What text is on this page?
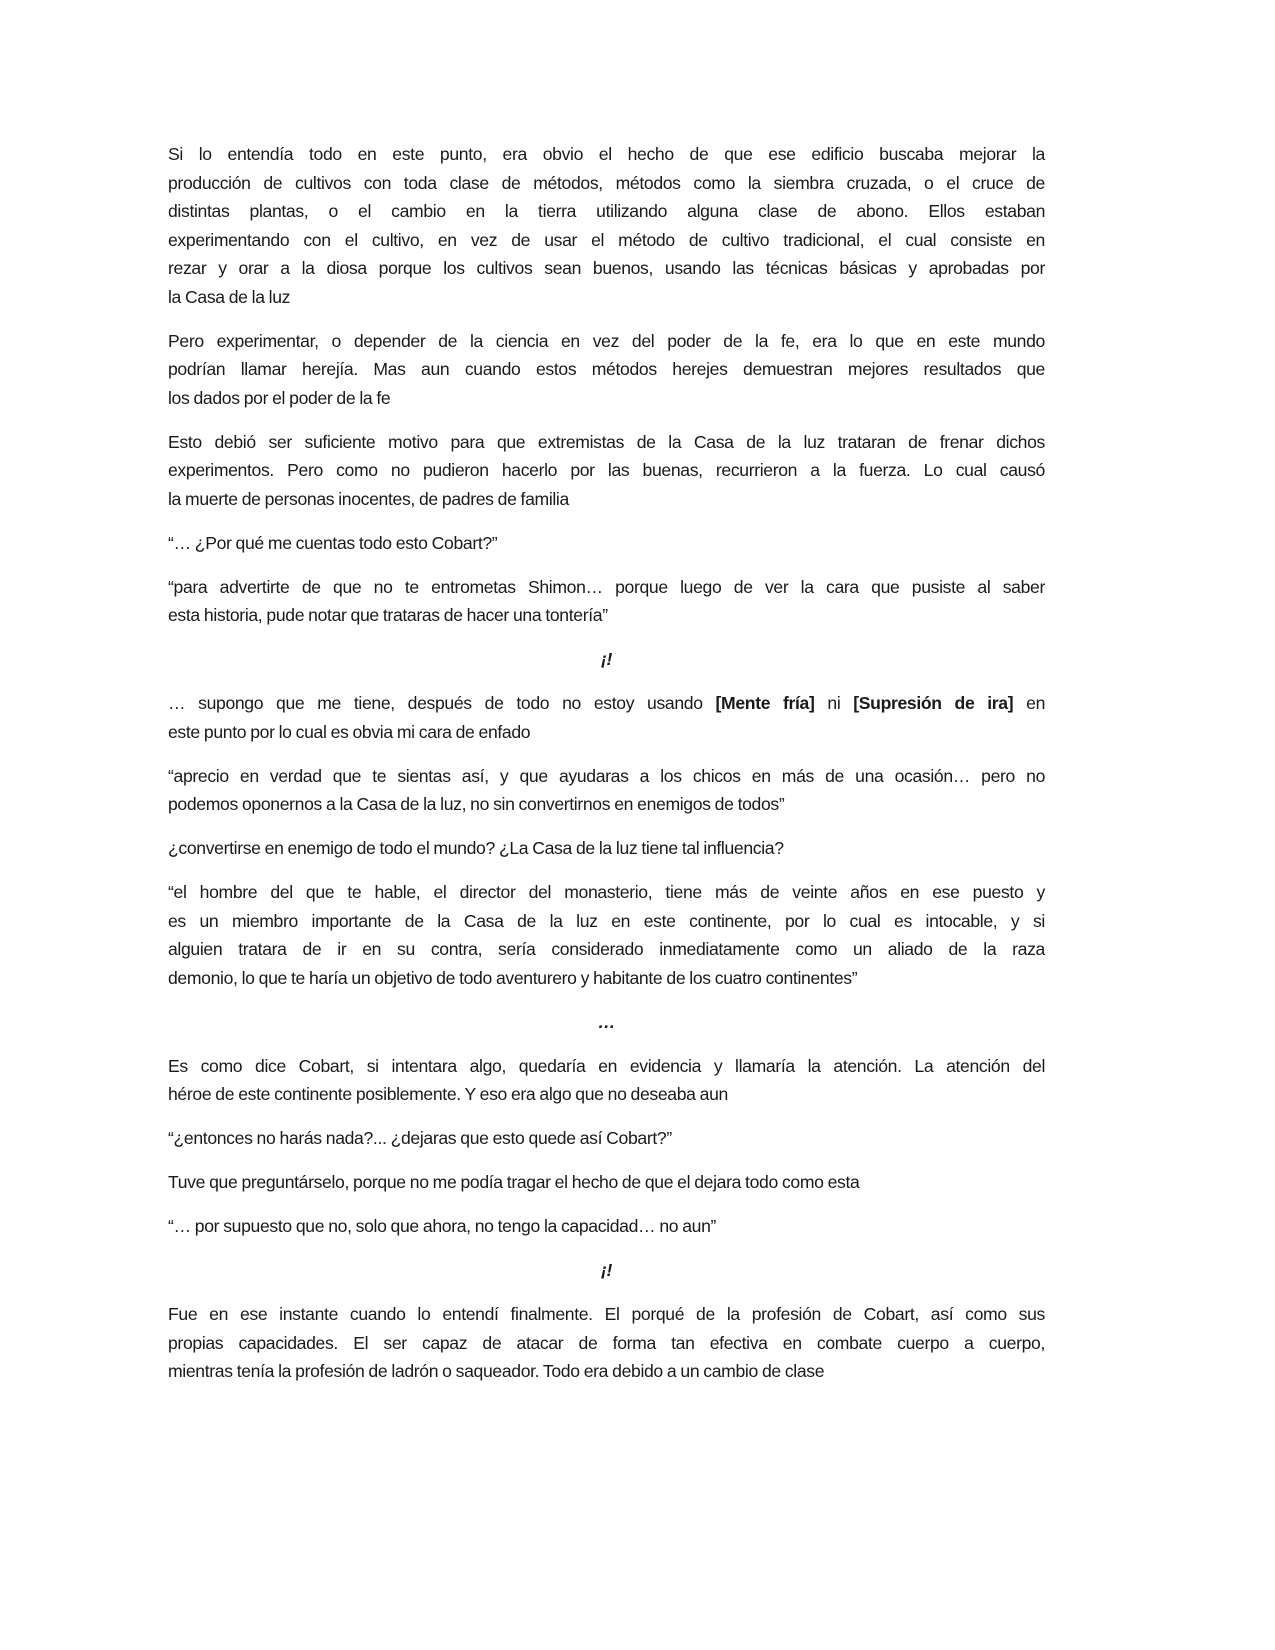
Si lo entendía todo en este punto, era obvio el hecho de que ese edificio buscaba mejorar la
producción de cultivos con toda clase de métodos, métodos como la siembra cruzada, o el cruce de
distintas plantas, o el cambio en la tierra utilizando alguna clase de abono. Ellos estaban
experimentando con el cultivo, en vez de usar el método de cultivo tradicional, el cual consiste en
rezar y orar a la diosa porque los cultivos sean buenos, usando las técnicas básicas y aprobadas por
la Casa de la luz
Pero experimentar, o depender de la ciencia en vez del poder de la fe, era lo que en este mundo
podrían llamar herejía. Mas aun cuando estos métodos herejes demuestran mejores resultados que
los dados por el poder de la fe
Esto debió ser suficiente motivo para que extremistas de la Casa de la luz trataran de frenar dichos
experimentos. Pero como no pudieron hacerlo por las buenas, recurrieron a la fuerza. Lo cual causó
la muerte de personas inocentes, de padres de familia
“… ¿Por qué me cuentas todo esto Cobart?”
“para advertirte de que no te entrometas Shimon… porque luego de ver la cara que pusiste al saber
esta historia, pude notar que trataras de hacer una tontería”
¡!
… supongo que me tiene, después de todo no estoy usando [Mente fría] ni [Supresión de ira] en
este punto por lo cual es obvia mi cara de enfado
“aprecio en verdad que te sientas así, y que ayudaras a los chicos en más de una ocasión… pero no
podemos oponernos a la Casa de la luz, no sin convertirnos en enemigos de todos”
¿convertirse en enemigo de todo el mundo? ¿La Casa de la luz tiene tal influencia?
“el hombre del que te hable, el director del monasterio, tiene más de veinte años en ese puesto y
es un miembro importante de la Casa de la luz en este continente, por lo cual es intocable, y si
alguien tratara de ir en su contra, sería considerado inmediatamente como un aliado de la raza
demonio, lo que te haría un objetivo de todo aventurero y habitante de los cuatro continentes”
…
Es como dice Cobart, si intentara algo, quedaría en evidencia y llamaría la atención. La atención del
héroe de este continente posiblemente. Y eso era algo que no deseaba aun
“¿entonces no harás nada?... ¿dejaras que esto quede así Cobart?”
Tuve que preguntárselo, porque no me podía tragar el hecho de que el dejara todo como esta
“… por supuesto que no, solo que ahora, no tengo la capacidad… no aun”
¡!
Fue en ese instante cuando lo entendí finalmente. El porqué de la profesión de Cobart, así como sus
propias capacidades. El ser capaz de atacar de forma tan efectiva en combate cuerpo a cuerpo,
mientras tenía la profesión de ladrón o saqueador. Todo era debido a un cambio de clase
